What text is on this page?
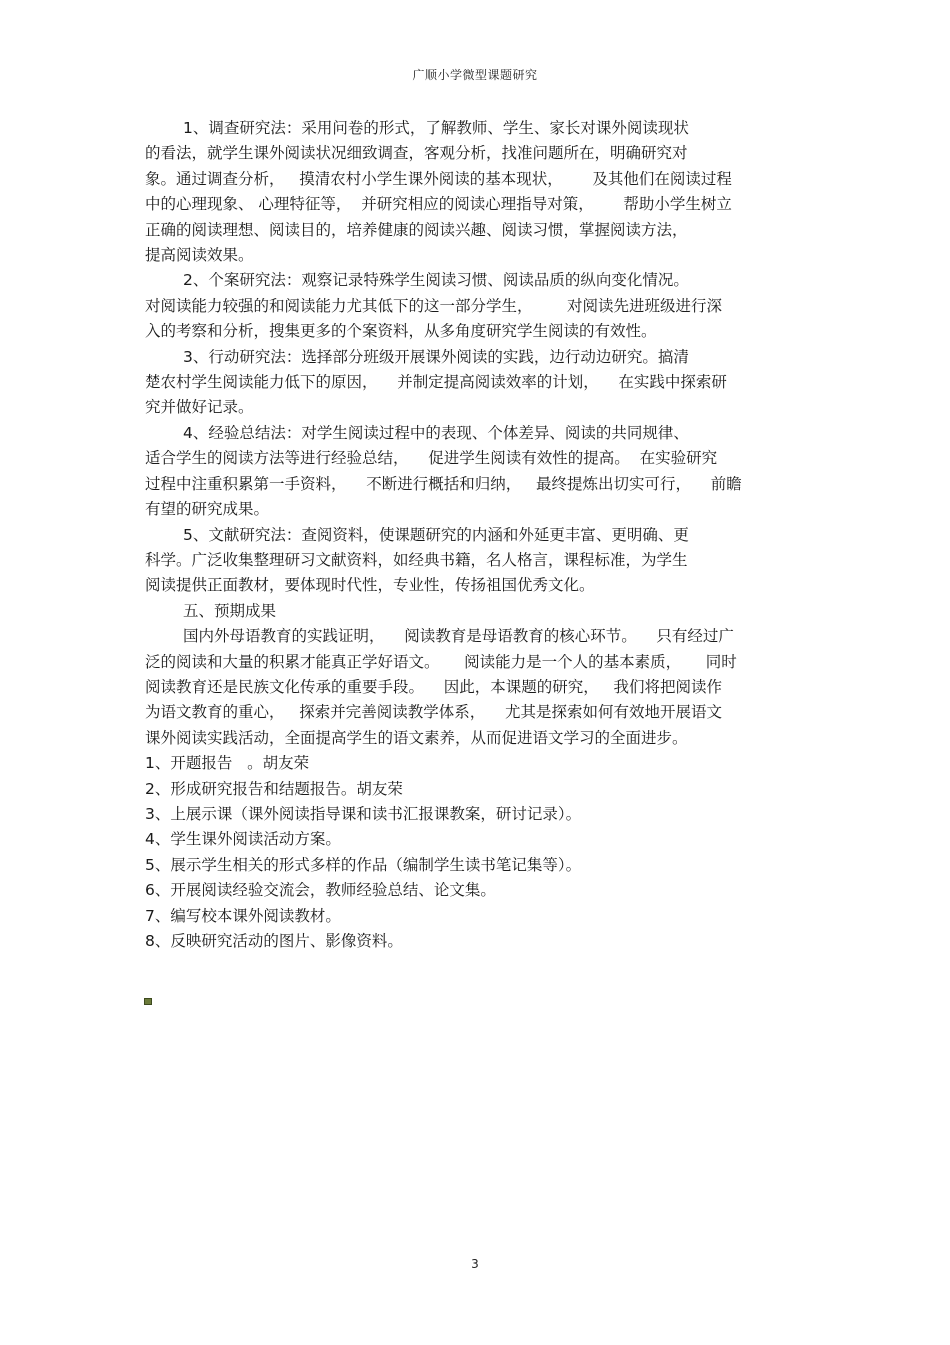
广顺小学微型课题研究
1、调查研究法：采用问卷的形式，了解教师、学生、家长对课外阅读现状
的看法，就学生课外阅读状况细致调查，客观分析，找准问题所在，明确研究对
象。通过调查分析，   摸清农村小学生课外阅读的基本现状，      及其他们在阅读过程
中的心理现象、 心理特征等，  并研究相应的阅读心理指导对策，      帮助小学生树立
正确的阅读理想、阅读目的，培养健康的阅读兴趣、阅读习惯，掌握阅读方法，
提高阅读效果。
2、个案研究法：观察记录特殊学生阅读习惯、阅读品质的纵向变化情况。
对阅读能力较强的和阅读能力尤其低下的这一部分学生，       对阅读先进班级进行深
入的考察和分析，搜集更多的个案资料，从多角度研究学生阅读的有效性。
3、行动研究法：选择部分班级开展课外阅读的实践，边行动边研究。搞清
楚农村学生阅读能力低下的原因，    并制定提高阅读效率的计划，    在实践中探索研
究并做好记录。
4、经验总结法：对学生阅读过程中的表现、个体差异、阅读的共同规律、
适合学生的阅读方法等进行经验总结，    促进学生阅读有效性的提高。  在实验研究
过程中注重积累第一手资料，    不断进行概括和归纳，   最终提炼出切实可行，    前瞻
有望的研究成果。
5、文献研究法：查阅资料，使课题研究的内涵和外延更丰富、更明确、更
科学。广泛收集整理研习文献资料，如经典书籍，名人格言，课程标准，为学生
阅读提供正面教材，要体现时代性，专业性，传扬祖国优秀文化。
五、预期成果
国内外母语教育的实践证明，    阅读教育是母语教育的核心环节。    只有经过广
泛的阅读和大量的积累才能真正学好语文。     阅读能力是一个人的基本素质，     同时
阅读教育还是民族文化传承的重要手段。    因此，本课题的研究，   我们将把阅读作
为语文教育的重心，   探索并完善阅读教学体系，    尤其是探索如何有效地开展语文
课外阅读实践活动，全面提高学生的语文素养，从而促进语文学习的全面进步。
1、开题报告   。胡友荣
2、形成研究报告和结题报告。胡友荣
3、上展示课（课外阅读指导课和读书汇报课教案，研讨记录）。
4、学生课外阅读活动方案。
5、展示学生相关的形式多样的作品（编制学生读书笔记集等）。
6、开展阅读经验交流会，教师经验总结、论文集。
7、编写校本课外阅读教材。
8、反映研究活动的图片、影像资料。
3
